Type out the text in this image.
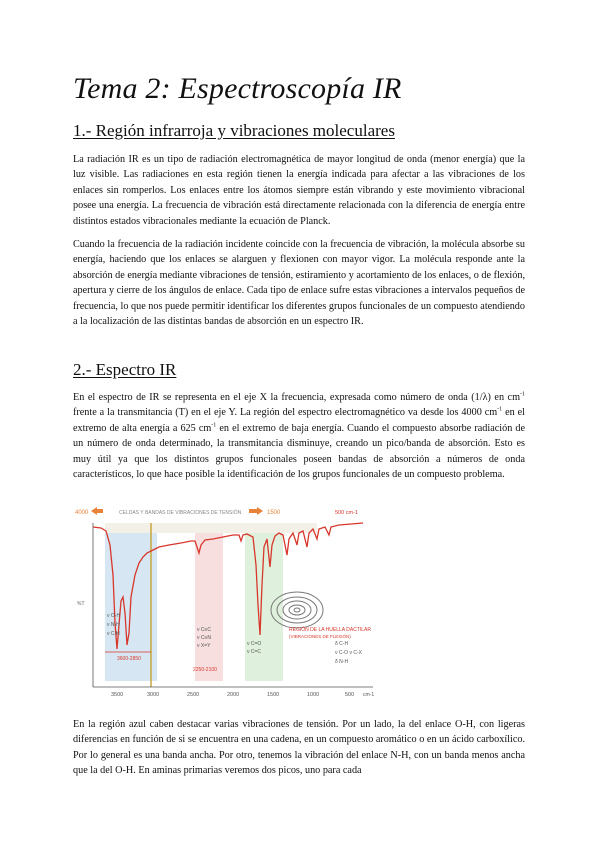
Tema 2: Espectroscopía IR
1.- Región infrarroja y vibraciones moleculares

La radiación IR es un tipo de radiación electromagnética de mayor longitud de onda (menor energía) que la luz visible. Las radiaciones en esta región tienen la energía indicada para afectar a las vibraciones de los enlaces sin romperlos. Los enlaces entre los átomos siempre están vibrando y este movimiento vibracional posee una energía. La frecuencia de vibración está directamente relacionada con la diferencia de energía entre distintos estados vibracionales mediante la ecuación de Planck.

Cuando la frecuencia de la radiación incidente coincide con la frecuencia de vibración, la molécula absorbe su energía, haciendo que los enlaces se alarguen y flexionen con mayor vigor. La molécula responde ante la absorción de energía mediante vibraciones de tensión, estiramiento y acortamiento de los enlaces, o de flexión, apertura y cierre de los ángulos de enlace. Cada tipo de enlace sufre estas vibraciones a intervalos pequeños de frecuencia, lo que nos puede permitir identificar los diferentes grupos funcionales de un compuesto atendiendo a la localización de las distintas bandas de absorción en un espectro IR.

2.- Espectro IR

En el espectro de IR se representa en el eje X la frecuencia, expresada como número de onda (1/λ) en $cm^{-1}$ frente a la transmitancia (T) en el eje Y. La región del espectro electromagnético va desde los 4000 $cm^{-1}$ en el extremo de alta energía a 625 $cm^{-1}$ en el extremo de baja energía. Cuando el compuesto absorbe radiación de un número de onda determinado, la transmitancia disminuye, creando un pico/banda de absorción. Esto es muy útil ya que los distintos grupos funcionales poseen bandas de absorción a números de onda característicos, lo que hace posible la identificación de los grupos funcionales de un compuesto problema.

4000	CELDAS Y BANDAS DE VIBRACIONES DE TENSIÓN	1500	500 cm-1
%T
ν O-H
ν N-H
ν C-H
3600-2850
ν C≡C
ν C≡N
ν X=Y
2250-2100
ν C=O
ν C=C
REGIÓN DE LA HUELLA DACTILAR
(VIBRACIONES DE FLEXIÓN)
δ C-H
ν C-O ν C-X
δ N-H
3500	3000	2500	2000	1500	1000	500 cm-1

En la región azul caben destacar varias vibraciones de tensión. Por un lado, la del enlace O-H, con ligeras diferencias en función de si se encuentra en una cadena, en un compuesto aromático o en un ácido carboxílico. Por lo general es una banda ancha. Por otro, tenemos la vibración del enlace N-H, con un banda menos ancha que la del O-H. En aminas primarias veremos dos picos, uno para cada
